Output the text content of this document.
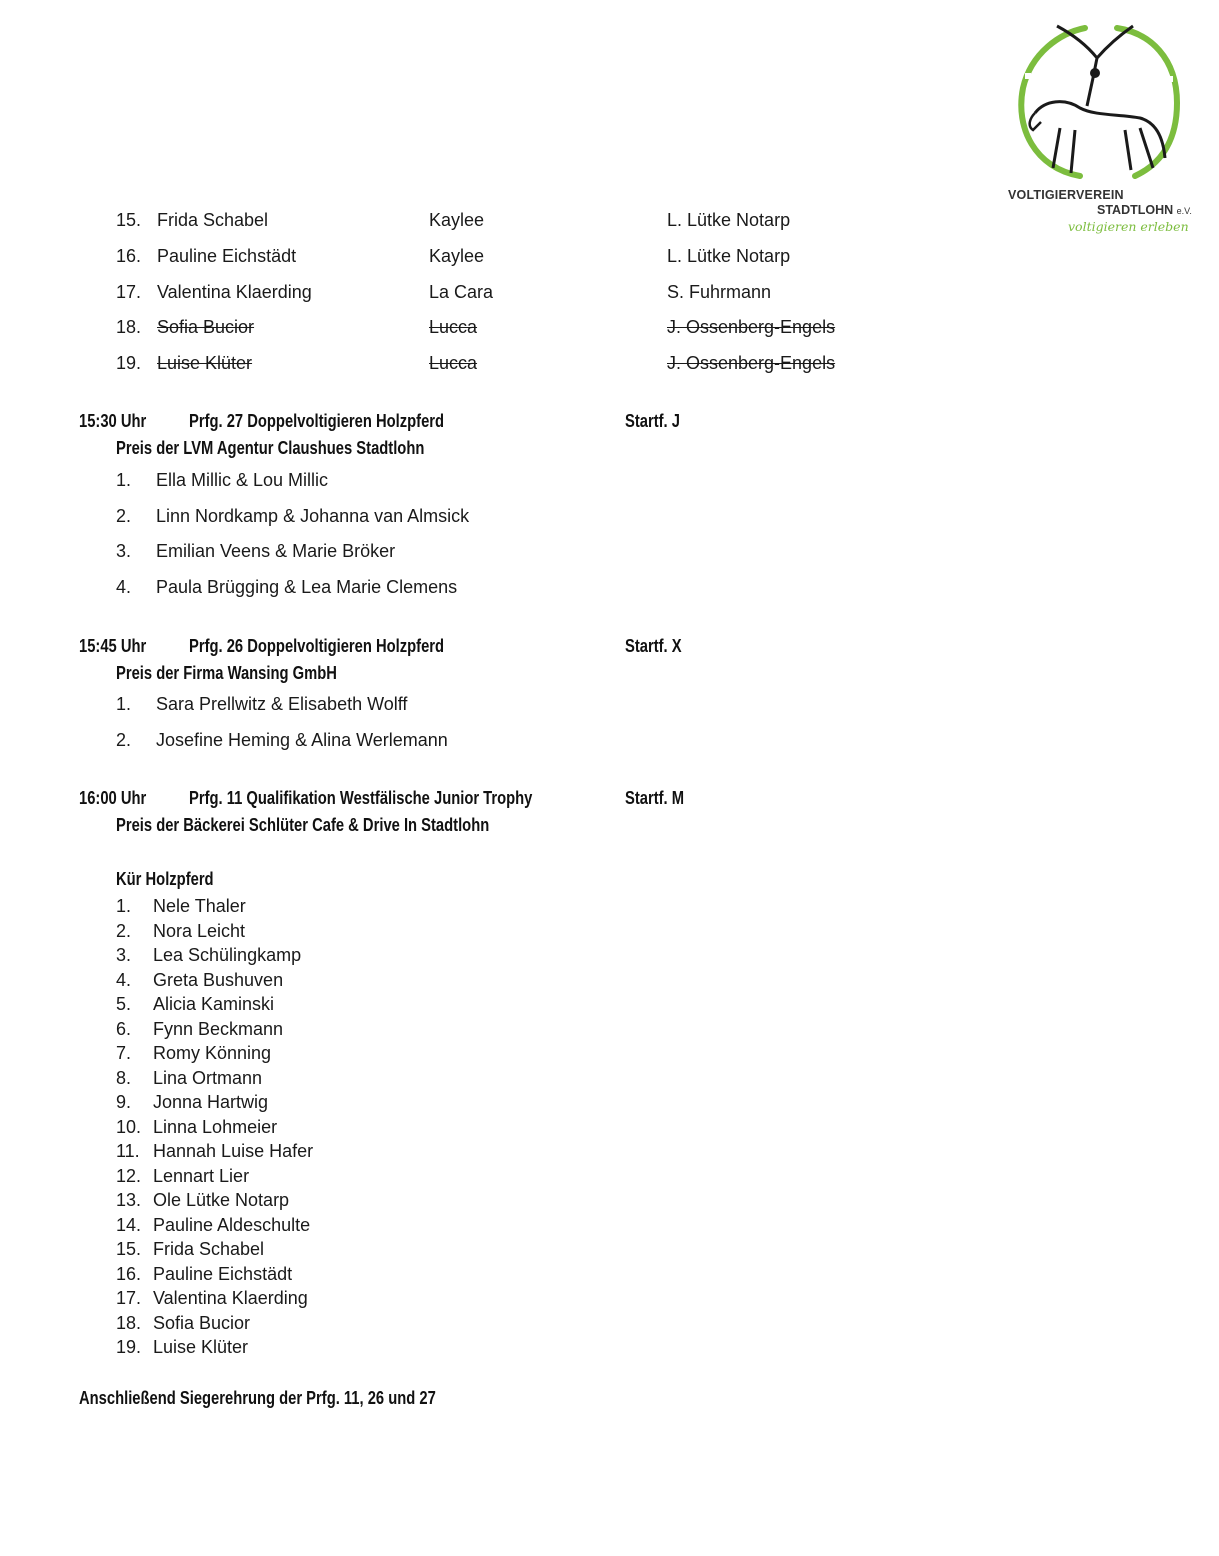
VOLTIGIERVEREIN
STADTLOHN e.V.
voltigieren erleben
15. Frida Schabel	Kaylee	L. Lütke Notarp
16. Pauline Eichstädt	Kaylee	L. Lütke Notarp
17. Valentina Klaerding	La Cara	S. Fuhrmann
18. Sofia Bucior	Lucca	J. Ossenberg-Engels
19. Luise Klüter	Lucca	J. Ossenberg-Engels
15:30 Uhr Prfg. 27 Doppelvoltigieren Holzpferd	Startf. J
Preis der LVM Agentur Claushues Stadtlohn
1. Ella Millic & Lou Millic
2. Linn Nordkamp & Johanna van Almsick
3. Emilian Veens & Marie Bröker
4. Paula Brügging & Lea Marie Clemens
15:45 Uhr Prfg. 26 Doppelvoltigieren Holzpferd	Startf. X
Preis der Firma Wansing GmbH
1. Sara Prellwitz & Elisabeth Wolff
2. Josefine Heming & Alina Werlemann
16:00 Uhr Prfg. 11 Qualifikation Westfälische Junior Trophy	Startf. M
Preis der Bäckerei Schlüter Cafe & Drive In Stadtlohn
Kür Holzpferd
1. Nele Thaler
2. Nora Leicht
3. Lea Schülingkamp
4. Greta Bushuven
5. Alicia Kaminski
6. Fynn Beckmann
7. Romy Könning
8. Lina Ortmann
9. Jonna Hartwig
10. Linna Lohmeier
11. Hannah Luise Hafer
12. Lennart Lier
13. Ole Lütke Notarp
14. Pauline Aldeschulte
15. Frida Schabel
16. Pauline Eichstädt
17. Valentina Klaerding
18. Sofia Bucior
19. Luise Klüter
Anschließend Siegerehrung der Prfg. 11, 26 und 27
